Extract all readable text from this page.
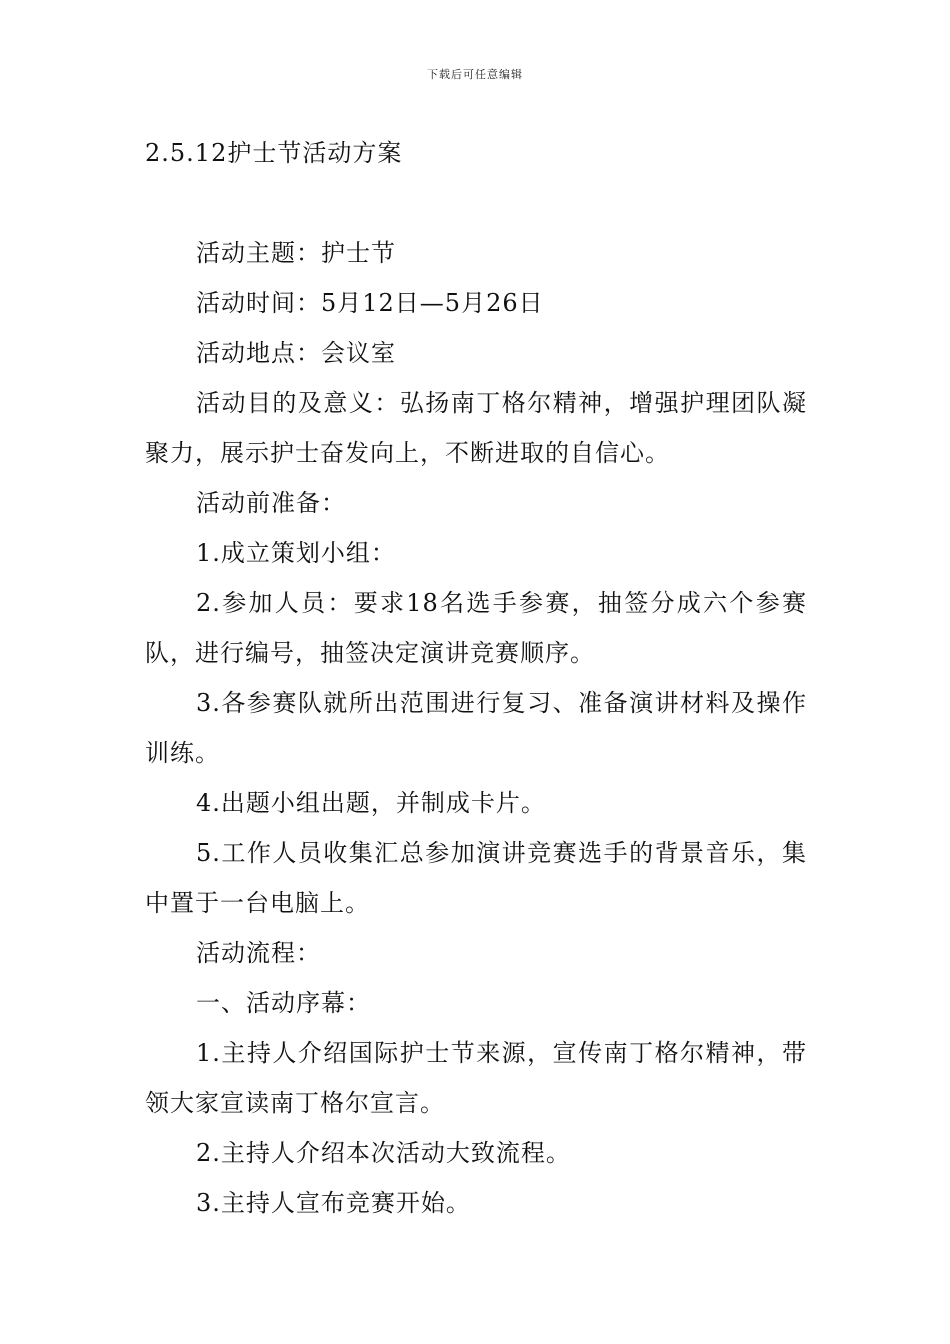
下载后可任意编辑
2.5.12护士节活动方案

活动主题：护士节

活动时间：5月12日—5月26日

活动地点：会议室

活动目的及意义：弘扬南丁格尔精神，增强护理团队凝聚力，展示护士奋发向上，不断进取的自信心。

活动前准备：

1.成立策划小组：

2.参加人员：要求18名选手参赛，抽签分成六个参赛队，进行编号，抽签决定演讲竞赛顺序。

3.各参赛队就所出范围进行复习、准备演讲材料及操作训练。

4.出题小组出题，并制成卡片。

5.工作人员收集汇总参加演讲竞赛选手的背景音乐，集中置于一台电脑上。

活动流程：

一、活动序幕：

1.主持人介绍国际护士节来源，宣传南丁格尔精神，带领大家宣读南丁格尔宣言。

2.主持人介绍本次活动大致流程。

3.主持人宣布竞赛开始。
